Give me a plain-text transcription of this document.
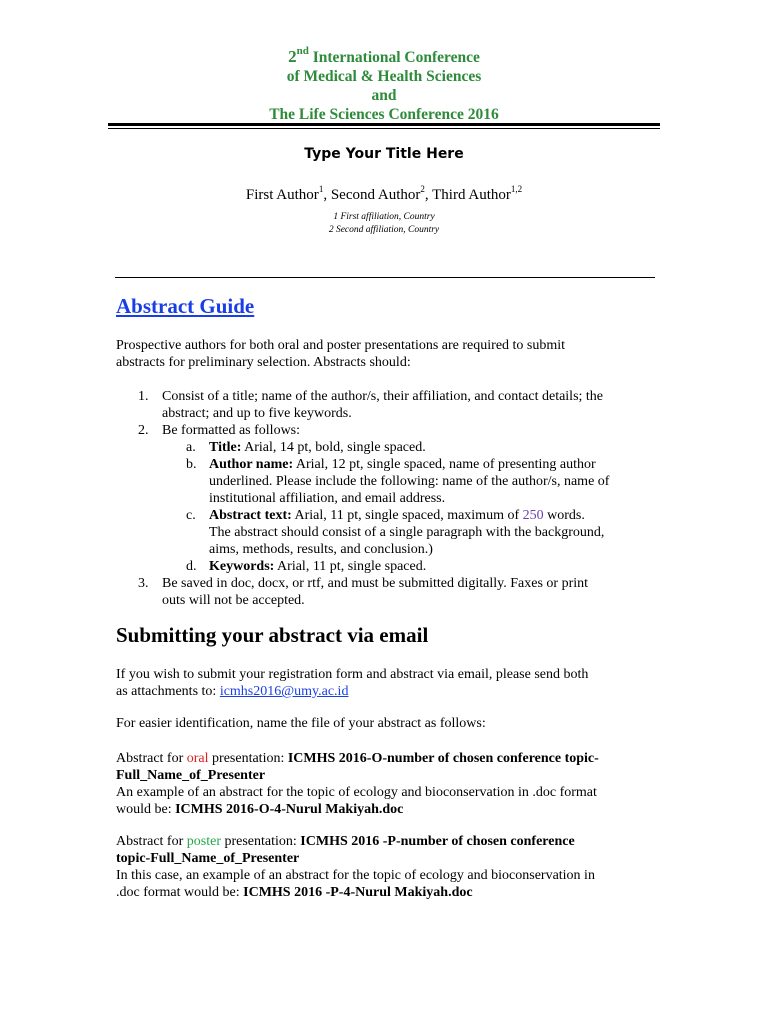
2nd International Conference
of Medical & Health Sciences
and
The Life Sciences Conference 2016
Type Your Title Here
First Author$^1$, Second Author$^2$, Third Author$^{1,2}$
1 First affiliation, Country
2 Second affiliation, Country
Abstract Guide
Prospective authors for both oral and poster presentations are required to submit
abstracts for preliminary selection. Abstracts should:
1. Consist of a title; name of the author/s, their affiliation, and contact details; the
abstract; and up to five keywords.
2. Be formatted as follows:
a. Title: Arial, 14 pt, bold, single spaced.
b. Author name: Arial, 12 pt, single spaced, name of presenting author
underlined. Please include the following: name of the author/s, name of
institutional affiliation, and email address.
c. Abstract text: Arial, 11 pt, single spaced, maximum of 250 words.
The abstract should consist of a single paragraph with the background,
aims, methods, results, and conclusion.)
d. Keywords: Arial, 11 pt, single spaced.
3. Be saved in doc, docx, or rtf, and must be submitted digitally. Faxes or print
outs will not be accepted.
Submitting your abstract via email
If you wish to submit your registration form and abstract via email, please send both
as attachments to: icmhs2016@umy.ac.id
For easier identification, name the file of your abstract as follows:
Abstract for oral presentation: ICMHS 2016-O-number of chosen conference topic-
Full_Name_of_Presenter
An example of an abstract for the topic of ecology and bioconservation in .doc format
would be: ICMHS 2016-O-4-Nurul Makiyah.doc
Abstract for poster presentation: ICMHS 2016 -P-number of chosen conference
topic-Full_Name_of_Presenter
In this case, an example of an abstract for the topic of ecology and bioconservation in
.doc format would be: ICMHS 2016 -P-4-Nurul Makiyah.doc
